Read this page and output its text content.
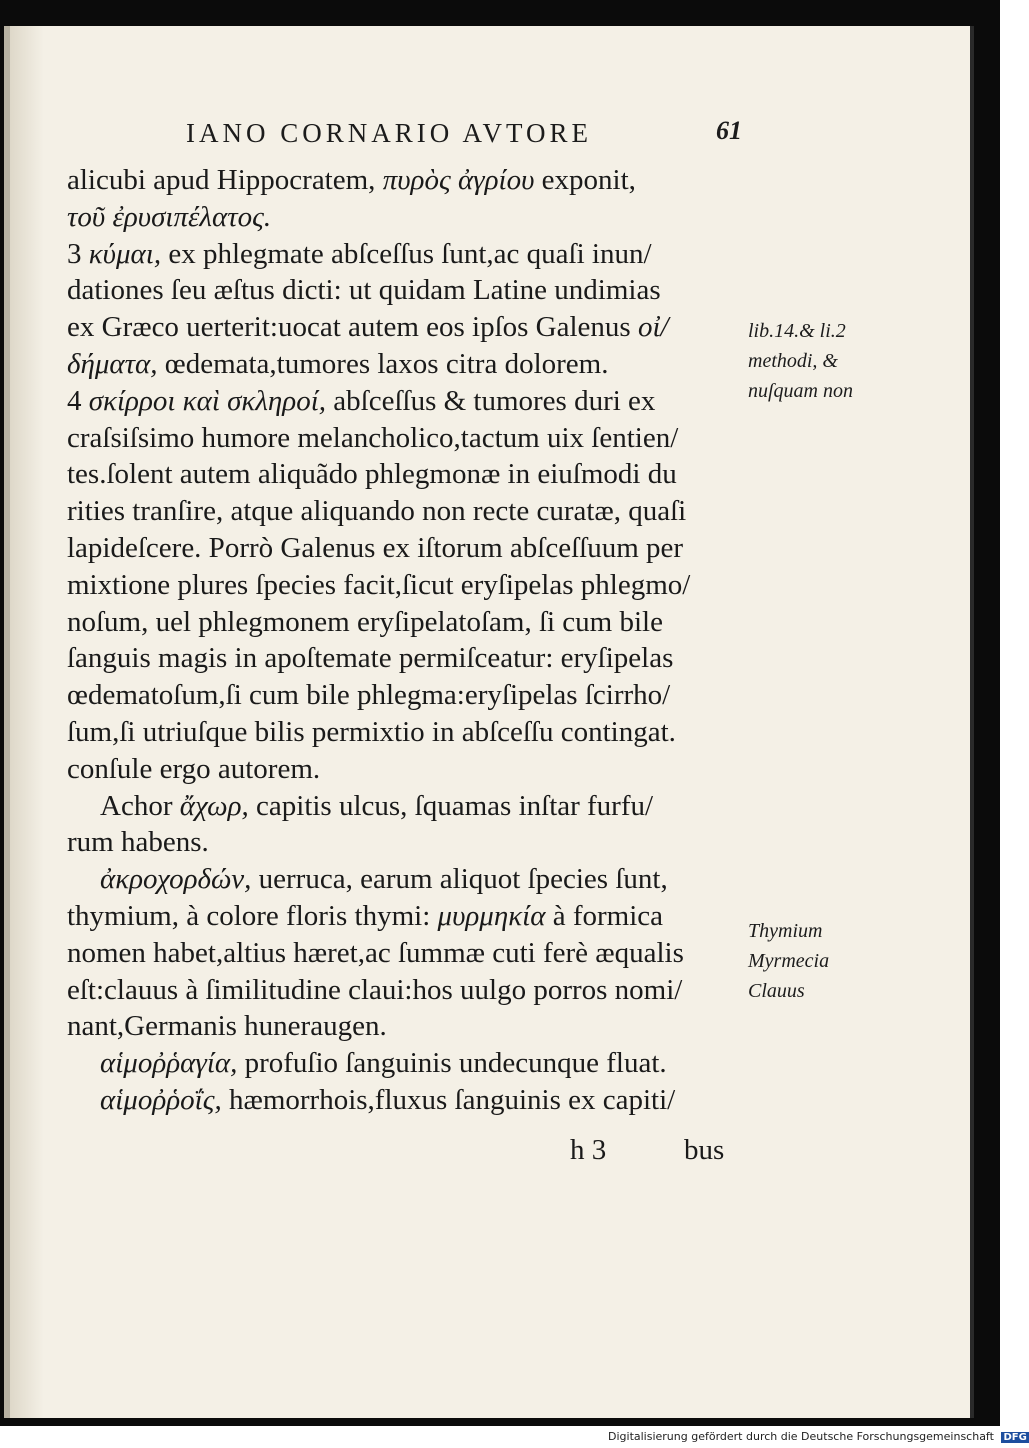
IANO CORNARIO AVTORE	61
alicubi apud Hippocratem, πυρὸς ἀγρίου exponit,
τοῦ ἐρυσιπέλατος.
3 κύμαι, ex phlegmate abſceſſus ſunt,ac quaſi inun/
dationes ſeu æſtus dicti: ut quidam Latine undimias
ex Græco uerterit:uocat autem eos ipſos Galenus οἰ/
δήματα, œdemata,tumores laxos citra dolorem.
4 σκίρροι καὶ σκληροί, abſceſſus & tumores duri ex
craſsiſsimo humore melancholico,tactum uix ſentien/
tes.ſolent autem aliquãdo phlegmonæ in eiuſmodi du
rities tranſire, atque aliquando non recte curatæ, quaſi
lapideſcere. Porrò Galenus ex iſtorum abſceſſuum per
mixtione plures ſpecies facit,ſicut eryſipelas phlegmo/
noſum, uel phlegmonem eryſipelatoſam, ſi cum bile
ſanguis magis in apoſtemate permiſceatur: eryſipelas
œdematoſum,ſi cum bile phlegma:eryſipelas ſcirrho/
ſum,ſi utriuſque bilis permixtio in abſceſſu contingat.
conſule ergo autorem.
Achor ἄχωρ, capitis ulcus, ſquamas inſtar furfu/
rum habens.
ἀκροχορδών, uerruca, earum aliquot ſpecies ſunt,
thymium, à colore floris thymi: μυρμηκία à formica
nomen habet,altius hæret,ac ſummæ cuti ferè æqualis
eſt:clauus à ſimilitudine claui:hos uulgo porros nomi/
nant,Germanis huneraugen.
αἱμοῤῥαγία, profuſio ſanguinis undecunque fluat.
αἱμοῤῥοΐς, hæmorrhois,fluxus ſanguinis ex capiti/
lib.14.& li.2
methodi, &
nuſquam non
Thymium
Myrmecia
Clauus
h 3	bus
Digitalisierung gefördert durch die Deutsche Forschungsgemeinschaft DFG
